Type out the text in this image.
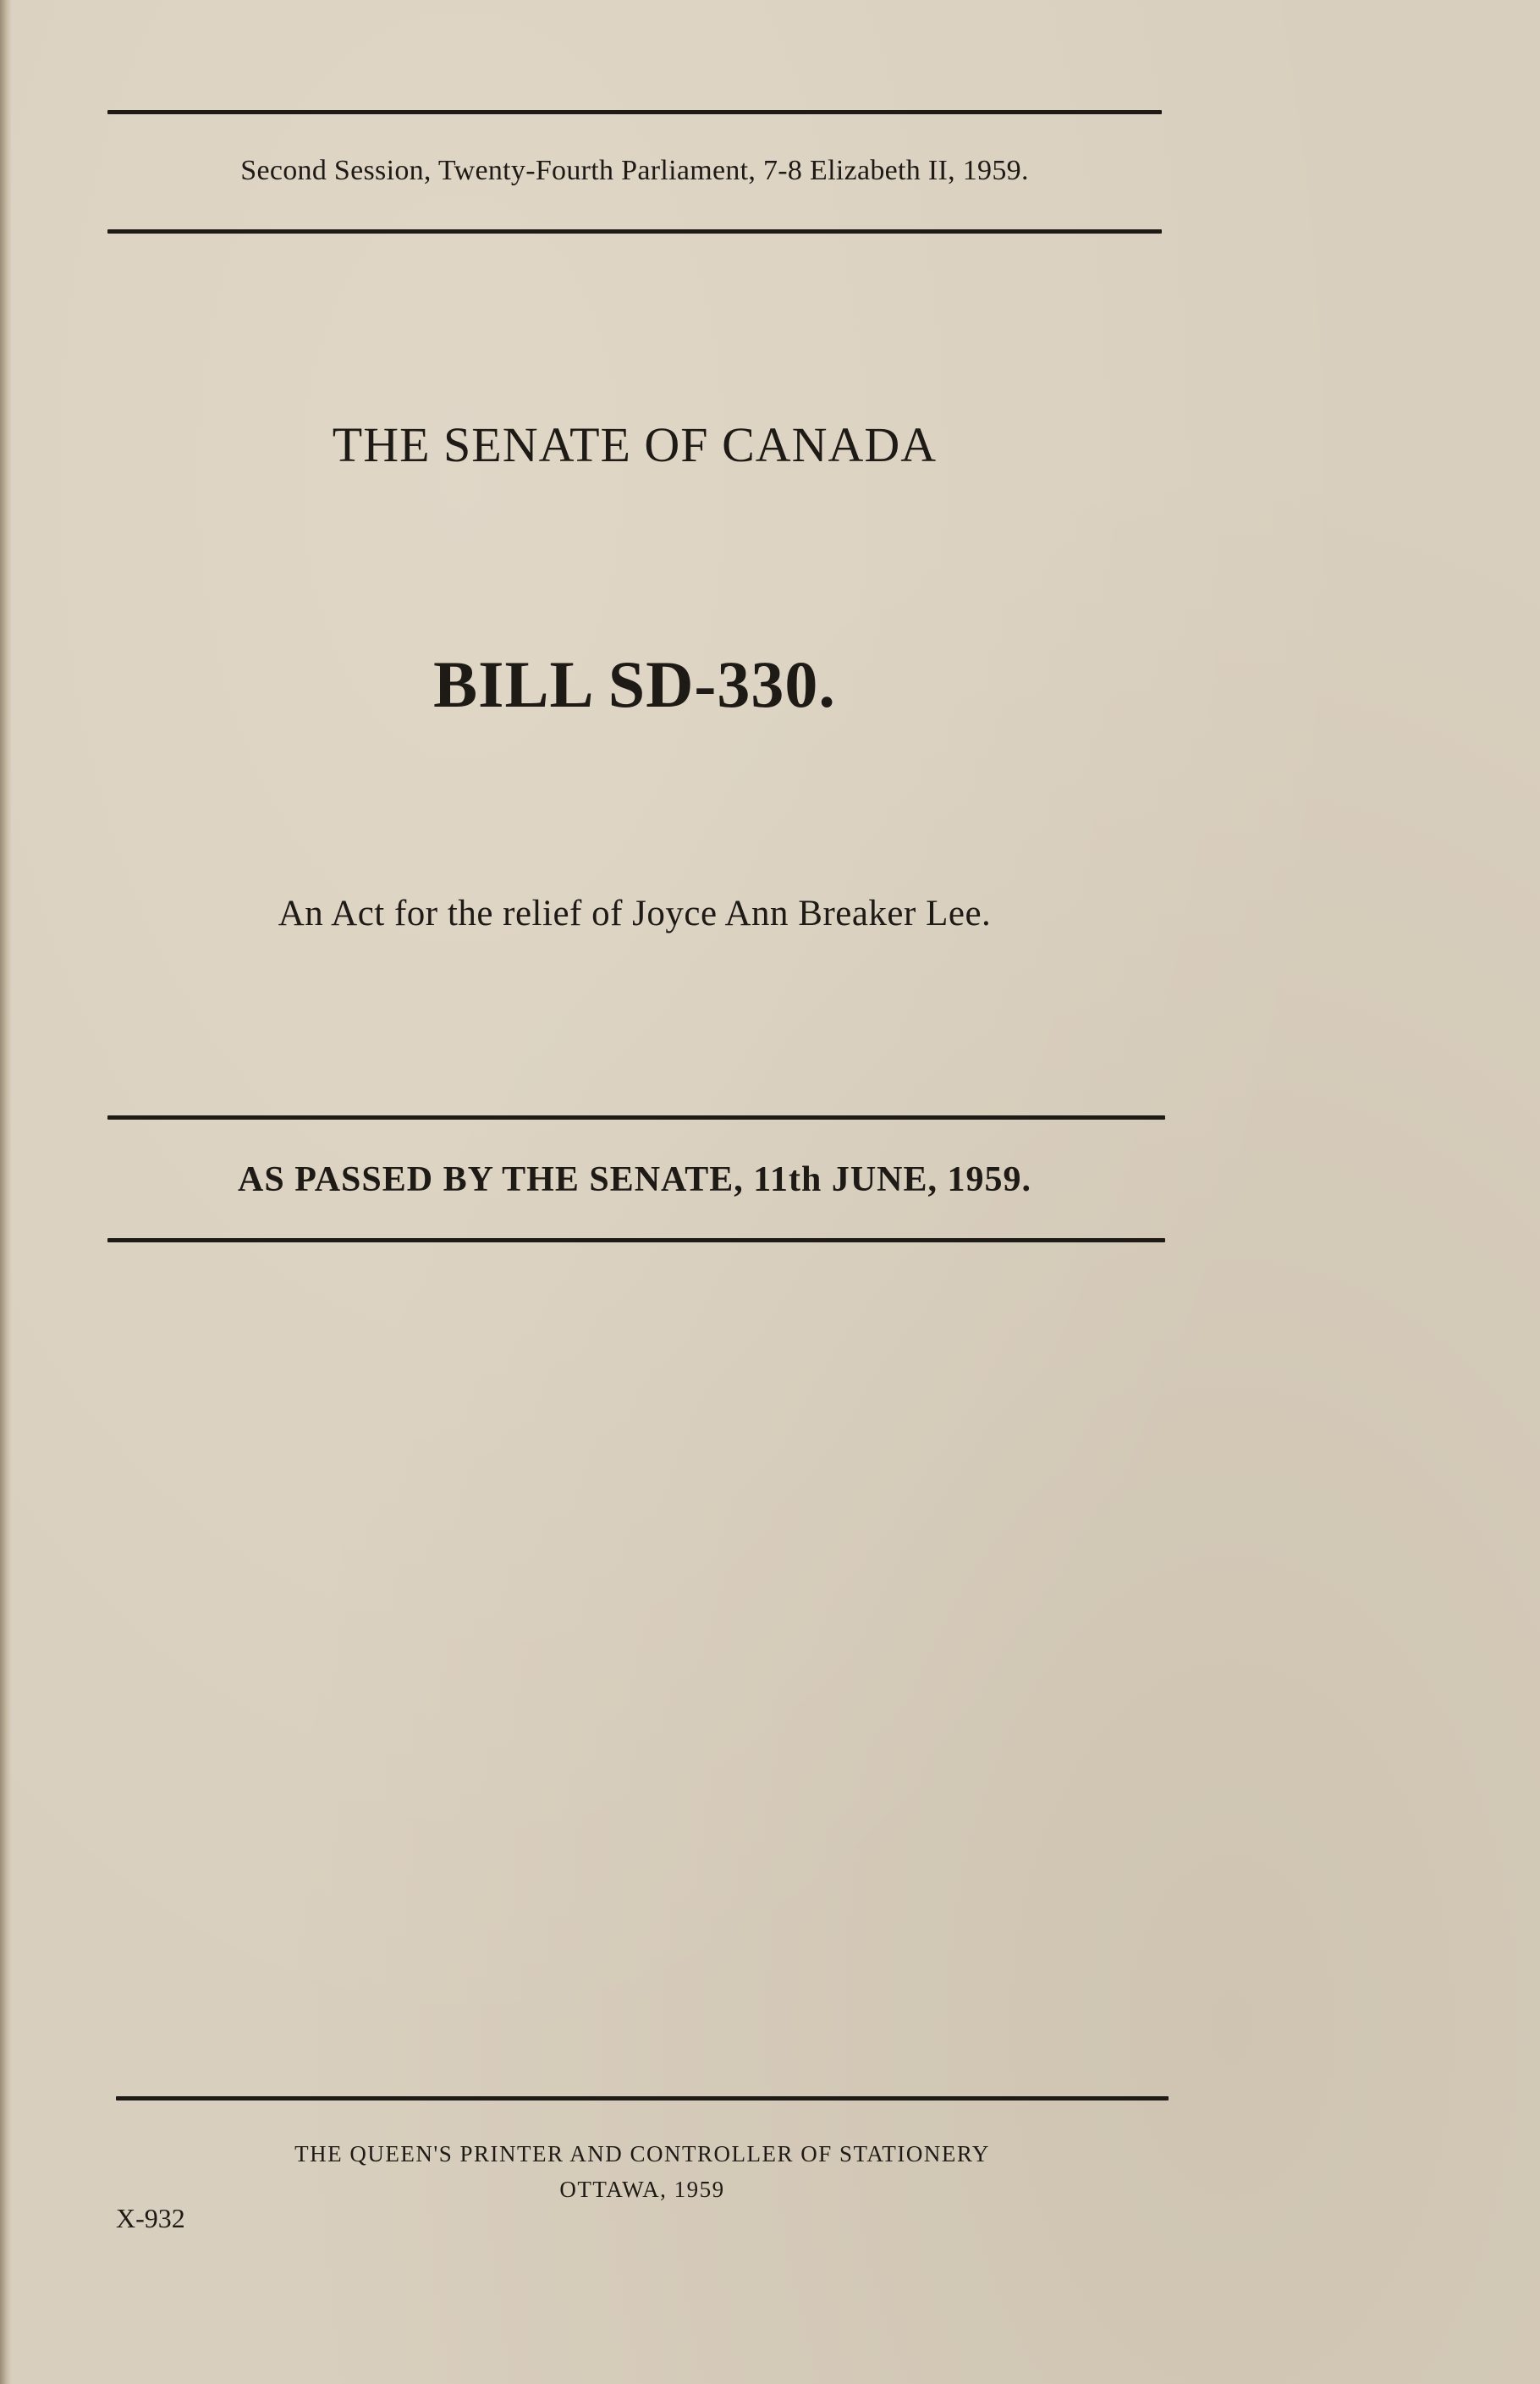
Second Session, Twenty-Fourth Parliament, 7-8 Elizabeth II, 1959.
THE SENATE OF CANADA
BILL SD-330.
An Act for the relief of Joyce Ann Breaker Lee.
AS PASSED BY THE SENATE, 11th JUNE, 1959.
THE QUEEN'S PRINTER AND CONTROLLER OF STATIONERY
OTTAWA, 1959
X-932
